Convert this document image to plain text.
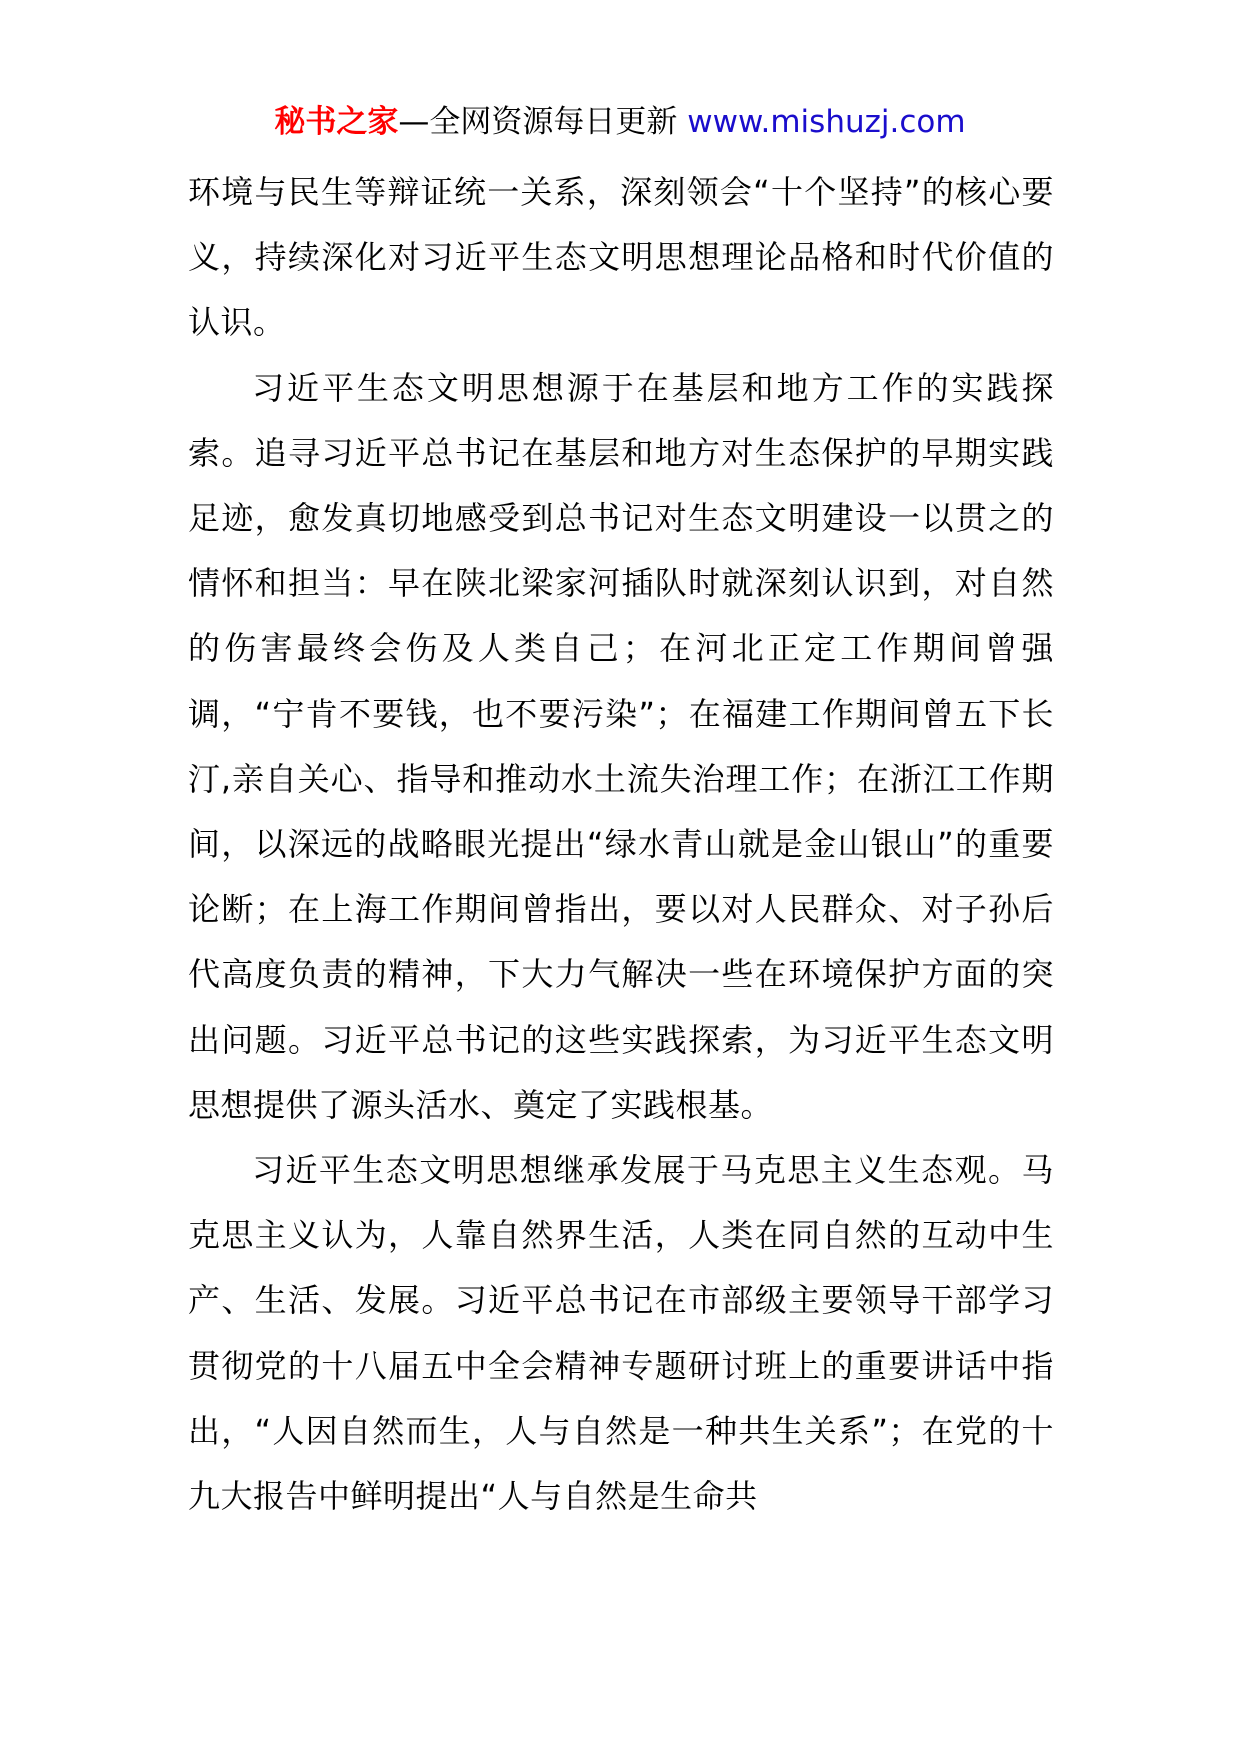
秘书之家—全网资源每日更新 www.mishuzj.com

环境与民生等辩证统一关系，深刻领会“十个坚持”的核心要义，持续深化对习近平生态文明思想理论品格和时代价值的认识。

习近平生态文明思想源于在基层和地方工作的实践探索。追寻习近平总书记在基层和地方对生态保护的早期实践足迹，愈发真切地感受到总书记对生态文明建设一以贯之的情怀和担当：早在陕北梁家河插队时就深刻认识到，对自然的伤害最终会伤及人类自己；在河北正定工作期间曾强调，“宁肯不要钱，也不要污染”；在福建工作期间曾五下长汀,亲自关心、指导和推动水土流失治理工作；在浙江工作期间，以深远的战略眼光提出“绿水青山就是金山银山”的重要论断；在上海工作期间曾指出，要以对人民群众、对子孙后代高度负责的精神，下大力气解决一些在环境保护方面的突出问题。习近平总书记的这些实践探索，为习近平生态文明思想提供了源头活水、奠定了实践根基。

习近平生态文明思想继承发展于马克思主义生态观。马克思主义认为，人靠自然界生活，人类在同自然的互动中生产、生活、发展。习近平总书记在市部级主要领导干部学习贯彻党的十八届五中全会精神专题研讨班上的重要讲话中指出，“人因自然而生，人与自然是一种共生关系”；在党的十九大报告中鲜明提出“人与自然是生命共
